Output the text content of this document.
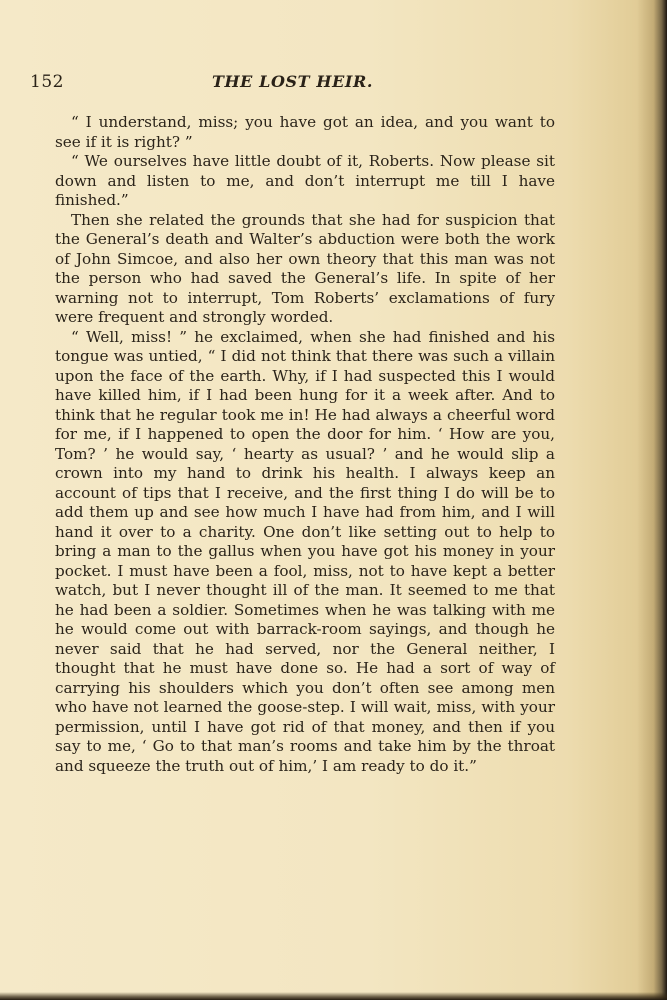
152	THE LOST HEIR.

“ I understand, miss; you have got an idea, and you want to see if it is right? ”

“ We ourselves have little doubt of it, Roberts. Now please sit down and listen to me, and don’t interrupt me till I have finished.”

Then she related the grounds that she had for suspicion that the General’s death and Walter’s abduction were both the work of John Simcoe, and also her own theory that this man was not the person who had saved the General’s life. In spite of her warning not to interrupt, Tom Roberts’ exclamations of fury were frequent and strongly worded.

“ Well, miss! ” he exclaimed, when she had finished and his tongue was untied, “ I did not think that there was such a villain upon the face of the earth. Why, if I had suspected this I would have killed him, if I had been hung for it a week after. And to think that he regular took me in! He had always a cheerful word for me, if I happened to open the door for him. ‘ How are you, Tom? ’ he would say, ‘ hearty as usual? ’ and he would slip a crown into my hand to drink his health. I always keep an account of tips that I receive, and the first thing I do will be to add them up and see how much I have had from him, and I will hand it over to a charity. One don’t like setting out to help to bring a man to the gallus when you have got his money in your pocket. I must have been a fool, miss, not to have kept a better watch, but I never thought ill of the man. It seemed to me that he had been a soldier. Sometimes when he was talking with me he would come out with barrack-room sayings, and though he never said that he had served, nor the General neither, I thought that he must have done so. He had a sort of way of carrying his shoulders which you don’t often see among men who have not learned the goose-step. I will wait, miss, with your permission, until I have got rid of that money, and then if you say to me, ‘ Go to that man’s rooms and take him by the throat and squeeze the truth out of him,’ I am ready to do it.”
